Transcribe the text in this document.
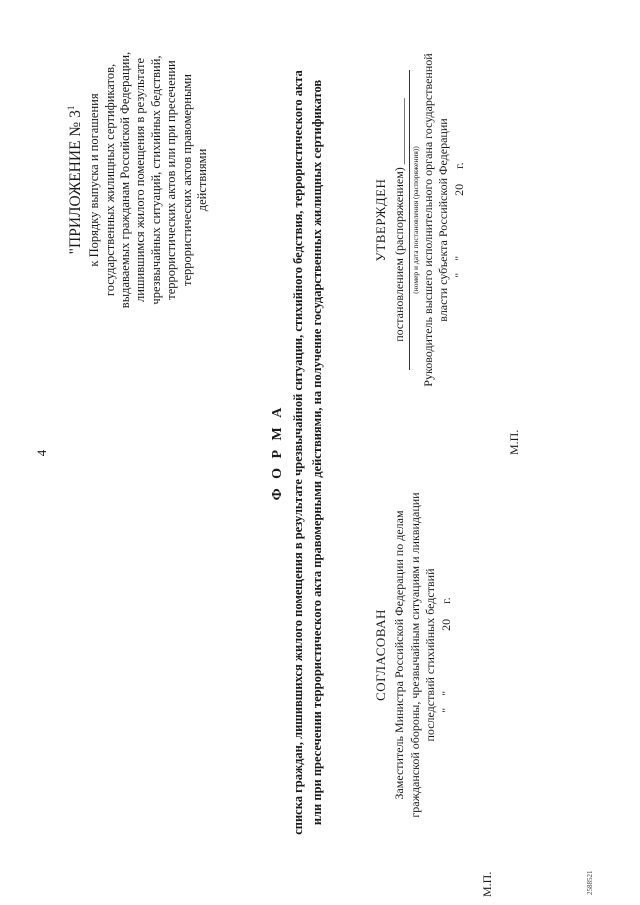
4
"ПРИЛОЖЕНИЕ № $3^1$ к Порядку выпуска и погашения государственных жилищных сертификатов, выдаваемых гражданам Российской Федерации, лишившимся жилого помещения в результате чрезвычайных ситуаций, стихийных бедствий, террористических актов или при пресечении террористических актов правомерными действиями
Ф О Р М А списка граждан, лишившихся жилого помещения в результате чрезвычайной ситуации, стихийного бедствия, террористического акта или при пресечении террористического акта правомерными действиями, на получение государственных жилищных сертификатов	СОГЛАСОВАН Заместитель Министра Российской Федерации по делам гражданской обороны, чрезвычайным ситуациям и ликвидации последствий стихийных бедствий "    "                    20     г.
М.П.
УТВЕРЖДЕН постановлением (распоряжением) ___________ (номер и дата постановления (распоряжения)) Руководитель высшего исполнительного органа государственной власти субъекта Российской Федерации "    "                    20     г.
М.П.
2588521
